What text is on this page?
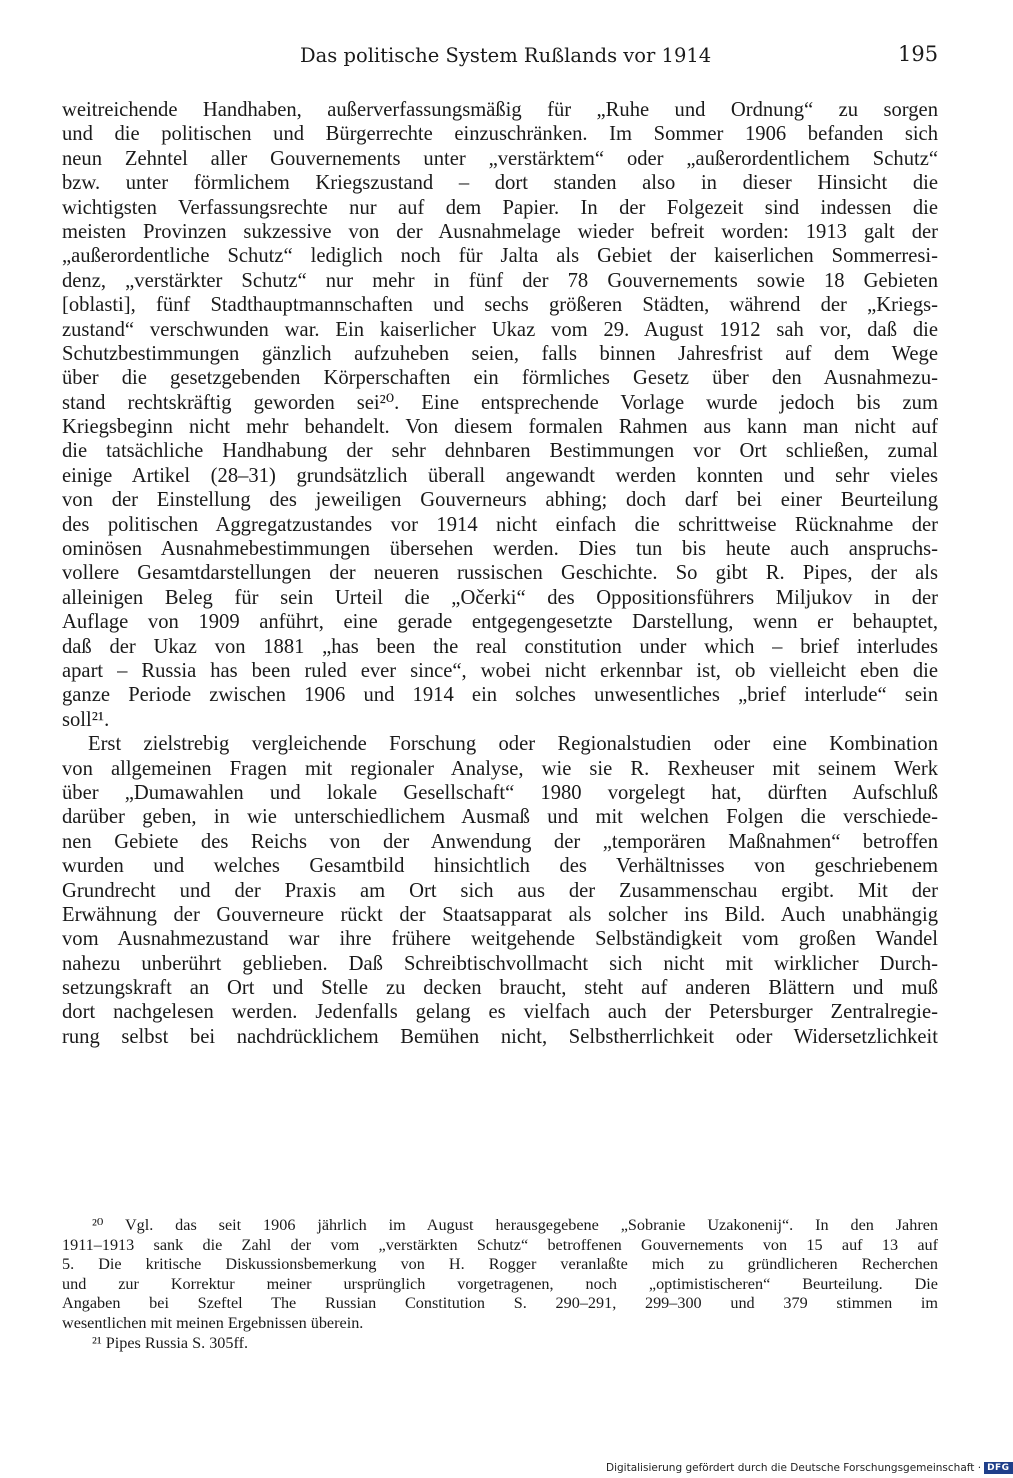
Das politische System Rußlands vor 1914	195
weitreichende Handhaben, außerverfassungsmäßig für „Ruhe und Ordnung“ zu sorgen
und die politischen und Bürgerrechte einzuschränken. Im Sommer 1906 befanden sich
neun Zehntel aller Gouvernements unter „verstärktem“ oder „außerordentlichem Schutz“
bzw. unter förmlichem Kriegszustand – dort standen also in dieser Hinsicht die
wichtigsten Verfassungsrechte nur auf dem Papier. In der Folgezeit sind indessen die
meisten Provinzen sukzessive von der Ausnahmelage wieder befreit worden: 1913 galt der
„außerordentliche Schutz“ lediglich noch für Jalta als Gebiet der kaiserlichen Sommerresi-
denz, „verstärkter Schutz“ nur mehr in fünf der 78 Gouvernements sowie 18 Gebieten
[oblasti], fünf Stadthauptmannschaften und sechs größeren Städten, während der „Kriegs-
zustand“ verschwunden war. Ein kaiserlicher Ukaz vom 29. August 1912 sah vor, daß die
Schutzbestimmungen gänzlich aufzuheben seien, falls binnen Jahresfrist auf dem Wege
über die gesetzgebenden Körperschaften ein förmliches Gesetz über den Ausnahmezu-
stand rechtskräftig geworden sei²⁰. Eine entsprechende Vorlage wurde jedoch bis zum
Kriegsbeginn nicht mehr behandelt. Von diesem formalen Rahmen aus kann man nicht auf
die tatsächliche Handhabung der sehr dehnbaren Bestimmungen vor Ort schließen, zumal
einige Artikel (28–31) grundsätzlich überall angewandt werden konnten und sehr vieles
von der Einstellung des jeweiligen Gouverneurs abhing; doch darf bei einer Beurteilung
des politischen Aggregatzustandes vor 1914 nicht einfach die schrittweise Rücknahme der
ominösen Ausnahmebestimmungen übersehen werden. Dies tun bis heute auch anspruchs-
vollere Gesamtdarstellungen der neueren russischen Geschichte. So gibt R. Pipes, der als
alleinigen Beleg für sein Urteil die „Očerki“ des Oppositionsführers Miljukov in der
Auflage von 1909 anführt, eine gerade entgegengesetzte Darstellung, wenn er behauptet,
daß der Ukaz von 1881 „has been the real constitution under which – brief interludes
apart – Russia has been ruled ever since“, wobei nicht erkennbar ist, ob vielleicht eben die
ganze Periode zwischen 1906 und 1914 ein solches unwesentliches „brief interlude“ sein
soll²¹.
Erst zielstrebig vergleichende Forschung oder Regionalstudien oder eine Kombination
von allgemeinen Fragen mit regionaler Analyse, wie sie R. Rexheuser mit seinem Werk
über „Dumawahlen und lokale Gesellschaft“ 1980 vorgelegt hat, dürften Aufschluß
darüber geben, in wie unterschiedlichem Ausmaß und mit welchen Folgen die verschiede-
nen Gebiete des Reichs von der Anwendung der „temporären Maßnahmen“ betroffen
wurden und welches Gesamtbild hinsichtlich des Verhältnisses von geschriebenem
Grundrecht und der Praxis am Ort sich aus der Zusammenschau ergibt. Mit der
Erwähnung der Gouverneure rückt der Staatsapparat als solcher ins Bild. Auch unabhängig
vom Ausnahmezustand war ihre frühere weitgehende Selbständigkeit vom großen Wandel
nahezu unberührt geblieben. Daß Schreibtischvollmacht sich nicht mit wirklicher Durch-
setzungskraft an Ort und Stelle zu decken braucht, steht auf anderen Blättern und muß
dort nachgelesen werden. Jedenfalls gelang es vielfach auch der Petersburger Zentralregie-
rung selbst bei nachdrücklichem Bemühen nicht, Selbstherrlichkeit oder Widersetzlichkeit
²⁰ Vgl. das seit 1906 jährlich im August herausgegebene „Sobranie Uzakonenij“. In den Jahren
1911–1913 sank die Zahl der vom „verstärkten Schutz“ betroffenen Gouvernements von 15 auf 13 auf
5. Die kritische Diskussionsbemerkung von H. Rogger veranlaßte mich zu gründlicheren Recherchen
und zur Korrektur meiner ursprünglich vorgetragenen, noch „optimistischeren“ Beurteilung. Die
Angaben bei Szeftel The Russian Constitution S. 290–291, 299–300 und 379 stimmen im
wesentlichen mit meinen Ergebnissen überein.
²¹ Pipes Russia S. 305ff.
Digitalisierung gefördert durch die Deutsche Forschungsgemeinschaft · DFG
